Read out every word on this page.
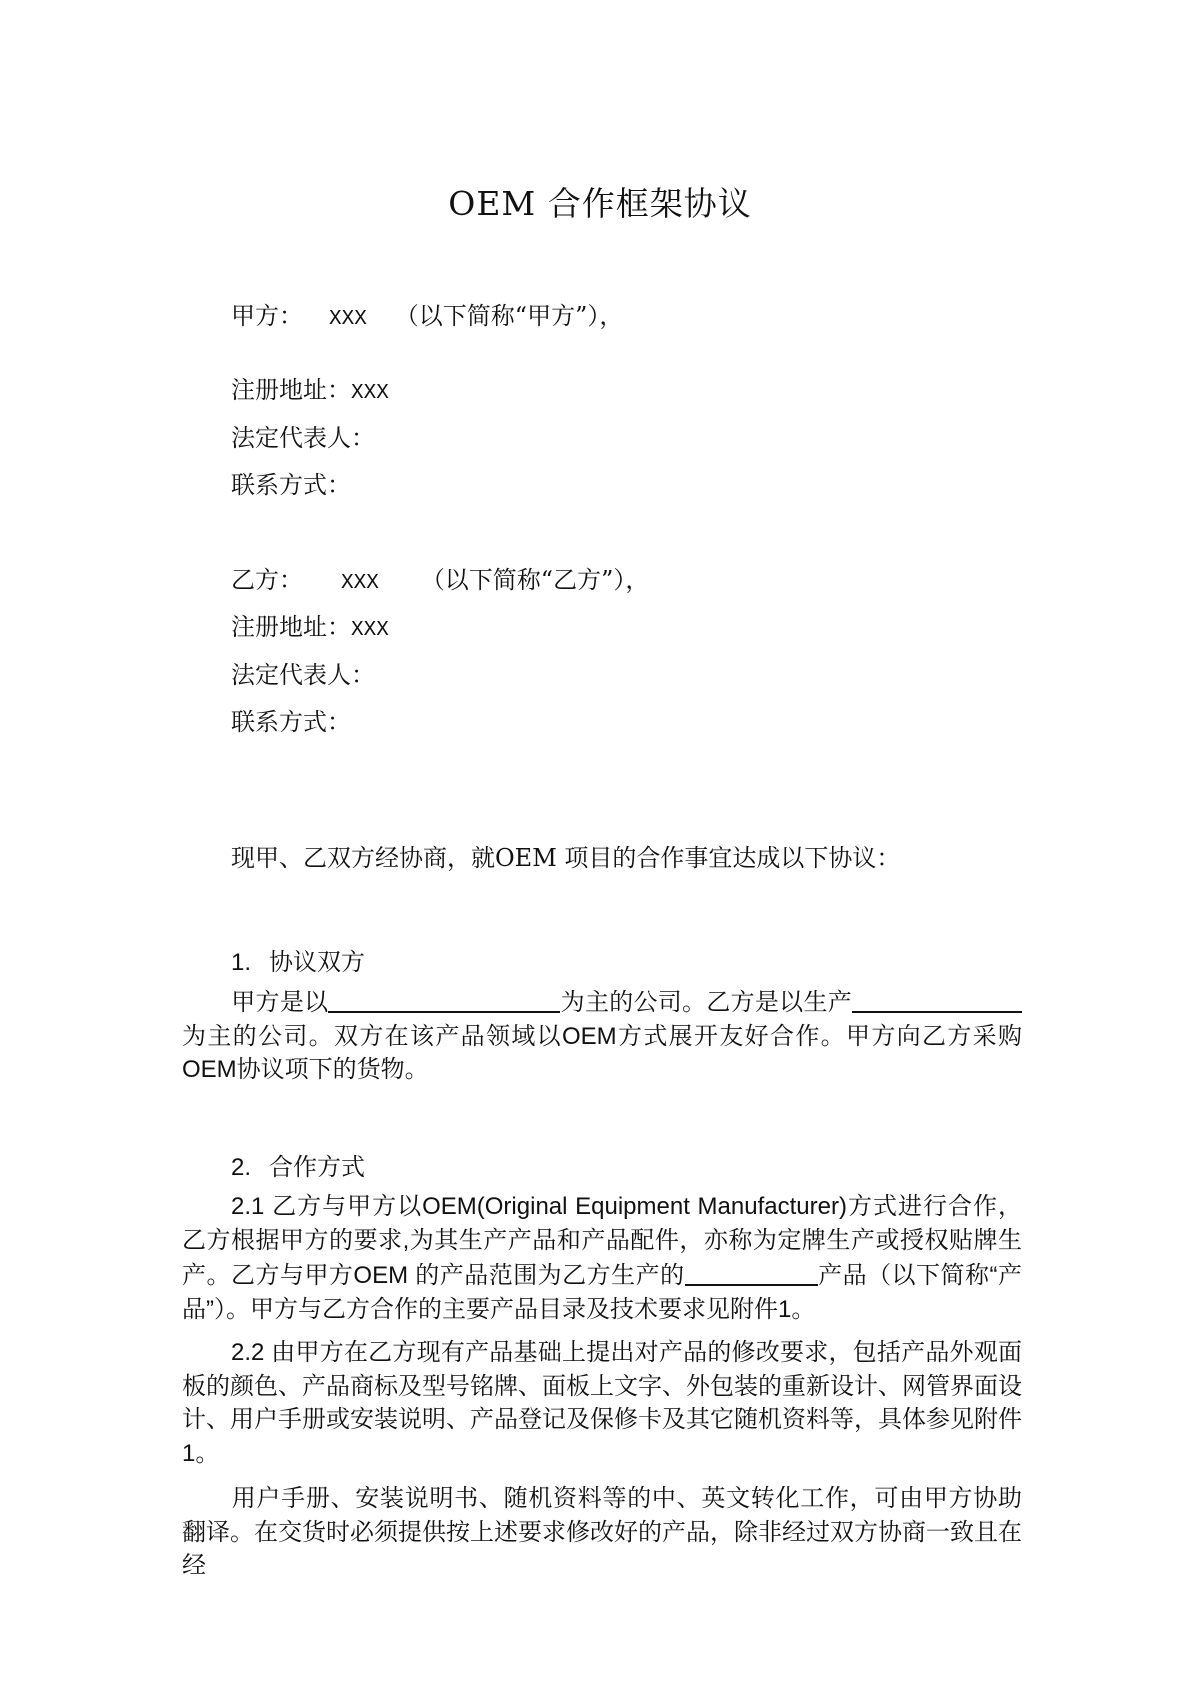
OEM 合作框架协议
甲方： XXX （以下简称“甲方”），
注册地址：XXX
法定代表人：
联系方式：
乙方： XXX （以下简称“乙方”），
注册地址：XXX
法定代表人：
联系方式：
现甲、乙双方经协商，就OEM 项目的合作事宜达成以下协议：
1. 协议双方
甲方是以	为主的公司。乙方是以生产为主的公司。双方在该产品领域以OEM方式展开友好合作。甲方向乙方采购OEM协议项下的货物。
2. 合作方式
2.1 乙方与甲方以OEM(Original Equipment Manufacturer)方式进行合作，乙方根据甲方的要求,为其生产产品和产品配件，亦称为定牌生产或授权贴牌生产。乙方与甲方OEM 的产品范围为乙方生产的	产品（以下简称“产品”）。甲方与乙方合作的主要产品目录及技术要求见附件1。
2.2 由甲方在乙方现有产品基础上提出对产品的修改要求，包括产品外观面板的颜色、产品商标及型号铭牌、面板上文字、外包装的重新设计、网管界面设计、用户手册或安装说明、产品登记及保修卡及其它随机资料等，具体参见附件1。
用户手册、安装说明书、随机资料等的中、英文转化工作，可由甲方协助翻译。在交货时必须提供按上述要求修改好的产品，除非经过双方协商一致且在经
